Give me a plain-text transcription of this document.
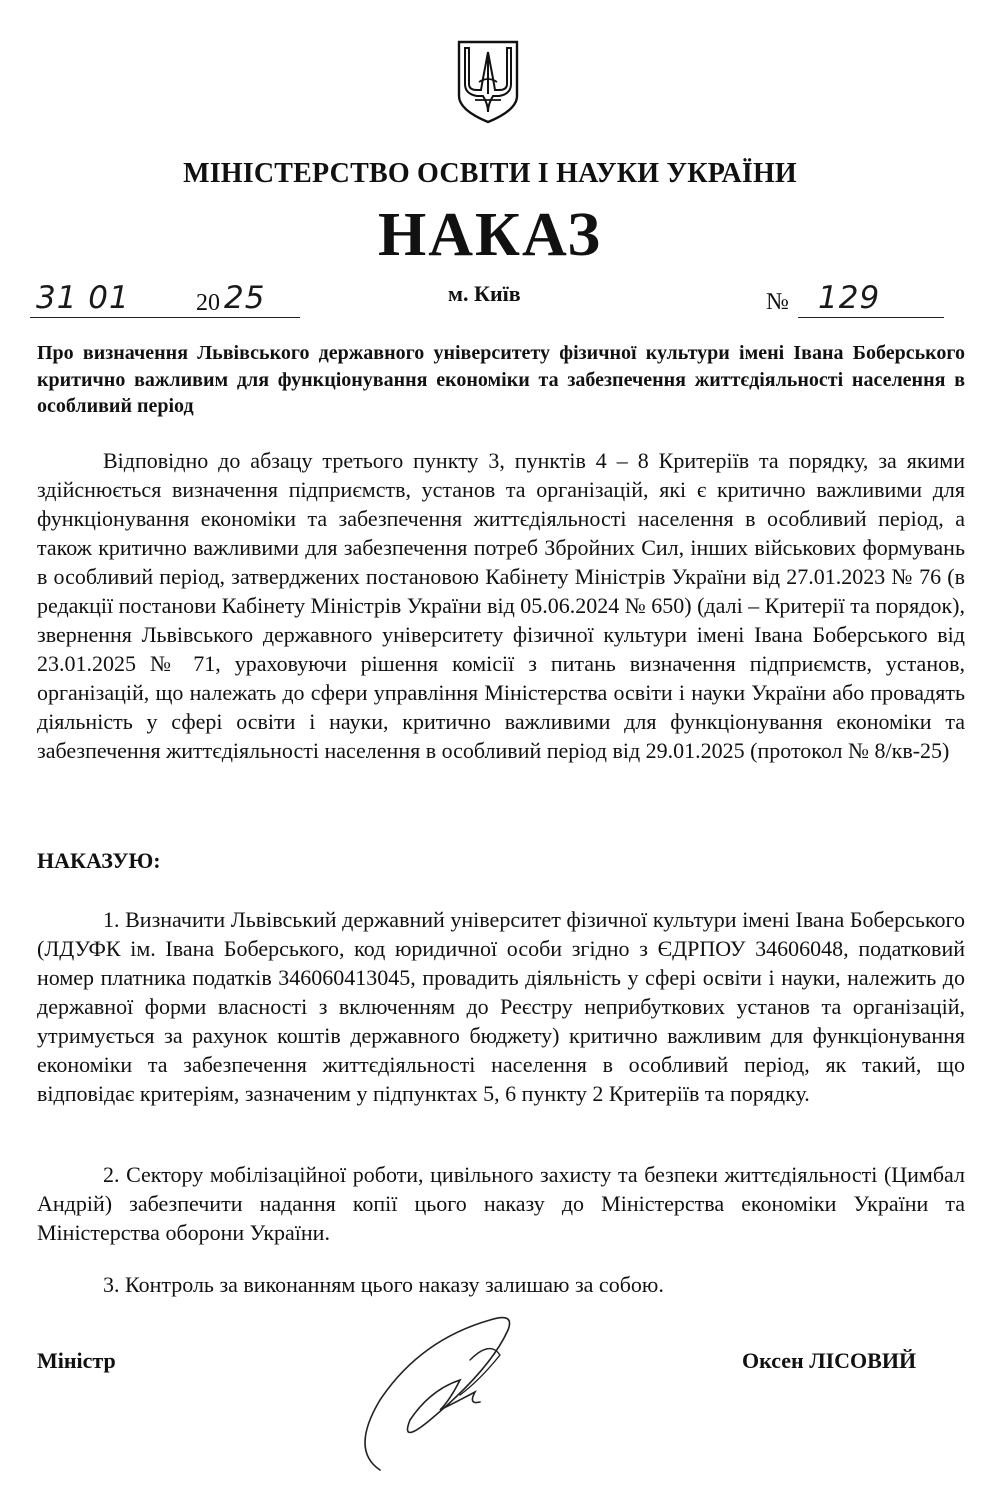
МІНІСТЕРСТВО ОСВІТИ І НАУКИ УКРАЇНИ
НАКАЗ
31 01	20 25	м. Київ	№ 129
Про визначення Львівського державного університету фізичної культури імені Івана Боберського критично важливим для функціонування економіки та забезпечення життєдіяльності населення в особливий період
Відповідно до абзацу третього пункту 3, пунктів 4 – 8 Критеріїв та порядку, за якими здійснюється визначення підприємств, установ та організацій, які є критично важливими для функціонування економіки та забезпечення життєдіяльності населення в особливий період, а також критично важливими для забезпечення потреб Збройних Сил, інших військових формувань в особливий період, затверджених постановою Кабінету Міністрів України від 27.01.2023 № 76 (в редакції постанови Кабінету Міністрів України від 05.06.2024 № 650) (далі – Критерії та порядок), звернення Львівського державного університету фізичної культури імені Івана Боберського від 23.01.2025 № 71, ураховуючи рішення комісії з питань визначення підприємств, установ, організацій, що належать до сфери управління Міністерства освіти і науки України або провадять діяльність у сфері освіти і науки, критично важливими для функціонування економіки та забезпечення життєдіяльності населення в особливий період від 29.01.2025 (протокол № 8/кв-25)
НАКАЗУЮ:
1. Визначити Львівський державний університет фізичної культури імені Івана Боберського (ЛДУФК ім. Івана Боберського, код юридичної особи згідно з ЄДРПОУ 34606048, податковий номер платника податків 346060413045, провадить діяльність у сфері освіти і науки, належить до державної форми власності з включенням до Реєстру неприбуткових установ та організацій, утримується за рахунок коштів державного бюджету) критично важливим для функціонування економіки та забезпечення життєдіяльності населення в особливий період, як такий, що відповідає критеріям, зазначеним у підпунктах 5, 6 пункту 2 Критеріїв та порядку.
2. Сектору мобілізаційної роботи, цивільного захисту та безпеки життєдіяльності (Цимбал Андрій) забезпечити надання копії цього наказу до Міністерства економіки України та Міністерства оборони України.
3. Контроль за виконанням цього наказу залишаю за собою.
Міністр	Оксен ЛІСОВИЙ
